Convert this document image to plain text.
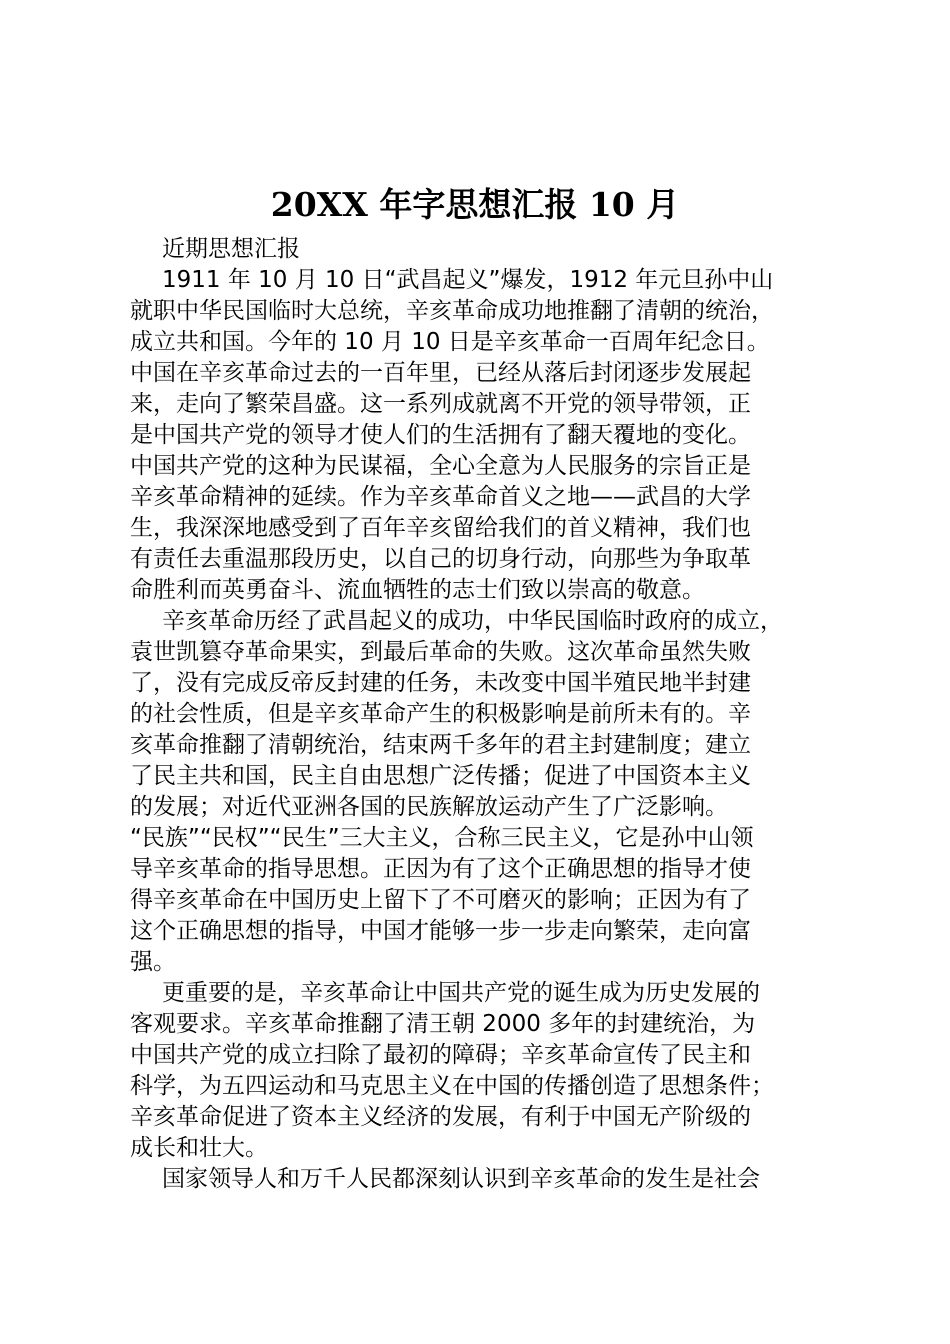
20XX 年字思想汇报 10 月
近期思想汇报
1911 年 10 月 10 日“武昌起义”爆发，1912 年元旦孙中山
就职中华民国临时大总统，辛亥革命成功地推翻了清朝的统治，
成立共和国。今年的 10 月 10 日是辛亥革命一百周年纪念日。
中国在辛亥革命过去的一百年里，已经从落后封闭逐步发展起
来，走向了繁荣昌盛。这一系列成就离不开党的领导带领，正
是中国共产党的领导才使人们的生活拥有了翻天覆地的变化。
中国共产党的这种为民谋福，全心全意为人民服务的宗旨正是
辛亥革命精神的延续。作为辛亥革命首义之地——武昌的大学
生，我深深地感受到了百年辛亥留给我们的首义精神，我们也
有责任去重温那段历史，以自己的切身行动，向那些为争取革
命胜利而英勇奋斗、流血牺牲的志士们致以崇高的敬意。
辛亥革命历经了武昌起义的成功，中华民国临时政府的成立，
袁世凯篡夺革命果实，到最后革命的失败。这次革命虽然失败
了，没有完成反帝反封建的任务，未改变中国半殖民地半封建
的社会性质，但是辛亥革命产生的积极影响是前所未有的。辛
亥革命推翻了清朝统治，结束两千多年的君主封建制度；建立
了民主共和国，民主自由思想广泛传播；促进了中国资本主义
的发展；对近代亚洲各国的民族解放运动产生了广泛影响。
“民族”“民权”“民生”三大主义，合称三民主义，它是孙中山领
导辛亥革命的指导思想。正因为有了这个正确思想的指导才使
得辛亥革命在中国历史上留下了不可磨灭的影响；正因为有了
这个正确思想的指导，中国才能够一步一步走向繁荣，走向富
强。
更重要的是，辛亥革命让中国共产党的诞生成为历史发展的
客观要求。辛亥革命推翻了清王朝 2000 多年的封建统治，为
中国共产党的成立扫除了最初的障碍；辛亥革命宣传了民主和
科学，为五四运动和马克思主义在中国的传播创造了思想条件；
辛亥革命促进了资本主义经济的发展，有利于中国无产阶级的
成长和壮大。
国家领导人和万千人民都深刻认识到辛亥革命的发生是社会
